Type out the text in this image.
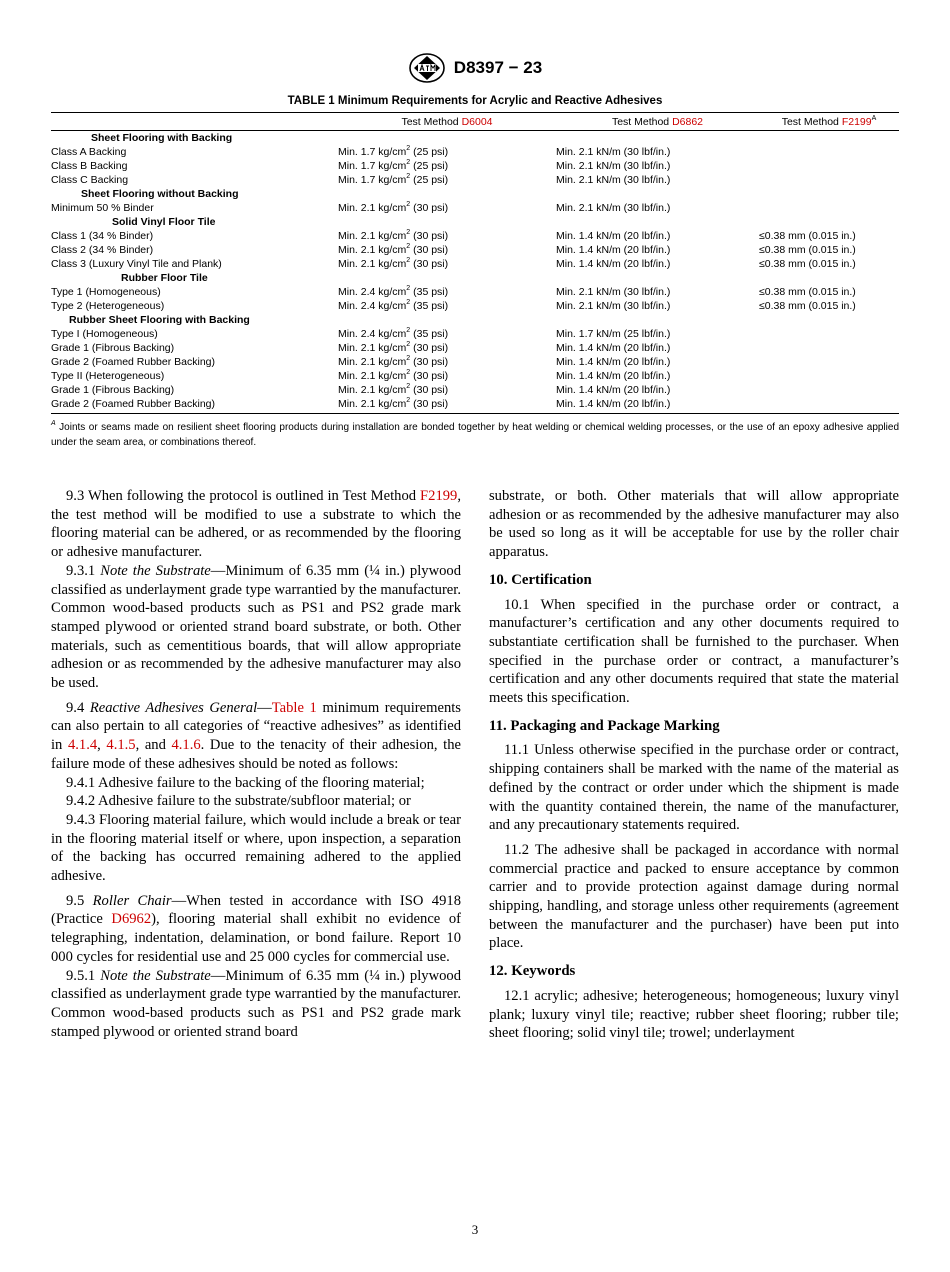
D8397 − 23
TABLE 1 Minimum Requirements for Acrylic and Reactive Adhesives
	Test Method D6004	Test Method D6862	Test Method $F2199^A$
Sheet Flooring with Backing			
Class A Backing	Min. 1.7 $kg/cm^2$ (25 psi)	Min. 2.1 kN/m (30 lbf/in.)	
Class B Backing	Min. 1.7 $kg/cm^2$ (25 psi)	Min. 2.1 kN/m (30 lbf/in.)	
Class C Backing	Min. 1.7 $kg/cm^2$ (25 psi)	Min. 2.1 kN/m (30 lbf/in.)	
Sheet Flooring without Backing			
Minimum 50 % Binder	Min. 2.1 $kg/cm^2$ (30 psi)	Min. 2.1 kN/m (30 lbf/in.)	
Solid Vinyl Floor Tile			
Class 1 (34 % Binder)	Min. 2.1 $kg/cm^2$ (30 psi)	Min. 1.4 kN/m (20 lbf/in.)	≤0.38 mm (0.015 in.)
Class 2 (34 % Binder)	Min. 2.1 $kg/cm^2$ (30 psi)	Min. 1.4 kN/m (20 lbf/in.)	≤0.38 mm (0.015 in.)
Class 3 (Luxury Vinyl Tile and Plank)	Min. 2.1 $kg/cm^2$ (30 psi)	Min. 1.4 kN/m (20 lbf/in.)	≤0.38 mm (0.015 in.)
Rubber Floor Tile			
Type 1 (Homogeneous)	Min. 2.4 $kg/cm^2$ (35 psi)	Min. 2.1 kN/m (30 lbf/in.)	≤0.38 mm (0.015 in.)
Type 2 (Heterogeneous)	Min. 2.4 $kg/cm^2$ (35 psi)	Min. 2.1 kN/m (30 lbf/in.)	≤0.38 mm (0.015 in.)
Rubber Sheet Flooring with Backing			
Type I (Homogeneous)	Min. 2.4 $kg/cm^2$ (35 psi)	Min. 1.7 kN/m (25 lbf/in.)	
Grade 1 (Fibrous Backing)	Min. 2.1 $kg/cm^2$ (30 psi)	Min. 1.4 kN/m (20 lbf/in.)	
Grade 2 (Foamed Rubber Backing)	Min. 2.1 $kg/cm^2$ (30 psi)	Min. 1.4 kN/m (20 lbf/in.)	
Type II (Heterogeneous)	Min. 2.1 $kg/cm^2$ (30 psi)	Min. 1.4 kN/m (20 lbf/in.)	
Grade 1 (Fibrous Backing)	Min. 2.1 $kg/cm^2$ (30 psi)	Min. 1.4 kN/m (20 lbf/in.)	
Grade 2 (Foamed Rubber Backing)	Min. 2.1 $kg/cm^2$ (30 psi)	Min. 1.4 kN/m (20 lbf/in.)	
$^A$ Joints or seams made on resilient sheet flooring products during installation are bonded together by heat welding or chemical welding processes, or the use of an epoxy adhesive applied under the seam area, or combinations thereof.

9.3 When following the protocol is outlined in Test Method F2199, the test method will be modified to use a substrate to which the flooring material can be adhered, or as recommended by the flooring or adhesive manufacturer.

9.3.1 Note the Substrate—Minimum of 6.35 mm (¼ in.) plywood classified as underlayment grade type warrantied by the manufacturer. Common wood-based products such as PS1 and PS2 grade mark stamped plywood or oriented strand board substrate, or both. Other materials, such as cementitious boards, that will allow appropriate adhesion or as recommended by the adhesive manufacturer may also be used.

9.4 Reactive Adhesives General—Table 1 minimum requirements can also pertain to all categories of “reactive adhesives” as identified in 4.1.4, 4.1.5, and 4.1.6. Due to the tenacity of their adhesion, the failure mode of these adhesives should be noted as follows:

9.4.1 Adhesive failure to the backing of the flooring material;

9.4.2 Adhesive failure to the substrate/subfloor material; or

9.4.3 Flooring material failure, which would include a break or tear in the flooring material itself or where, upon inspection, a separation of the backing has occurred remaining adhered to the applied adhesive.

9.5 Roller Chair—When tested in accordance with ISO 4918 (Practice D6962), flooring material shall exhibit no evidence of telegraphing, indentation, delamination, or bond failure. Report 10 000 cycles for residential use and 25 000 cycles for commercial use.

9.5.1 Note the Substrate—Minimum of 6.35 mm (¼ in.) plywood classified as underlayment grade type warrantied by the manufacturer. Common wood-based products such as PS1 and PS2 grade mark stamped plywood or oriented strand board

substrate, or both. Other materials that will allow appropriate adhesion or as recommended by the adhesive manufacturer may also be used so long as it will be acceptable for use by the roller chair apparatus.

10. Certification

10.1 When specified in the purchase order or contract, a manufacturer’s certification and any other documents required to substantiate certification shall be furnished to the purchaser. When specified in the purchase order or contract, a manufacturer’s certification and any other documents required that state the material meets this specification.

11. Packaging and Package Marking

11.1 Unless otherwise specified in the purchase order or contract, shipping containers shall be marked with the name of the material as defined by the contract or order under which the shipment is made with the quantity contained therein, the name of the manufacturer, and any precautionary statements required.

11.2 The adhesive shall be packaged in accordance with normal commercial practice and packed to ensure acceptance by common carrier and to provide protection against damage during normal shipping, handling, and storage unless other requirements (agreement between the manufacturer and the purchaser) have been put into place.

12. Keywords

12.1 acrylic; adhesive; heterogeneous; homogeneous; luxury vinyl plank; luxury vinyl tile; reactive; rubber sheet flooring; rubber tile; sheet flooring; solid vinyl tile; trowel; underlayment

3
